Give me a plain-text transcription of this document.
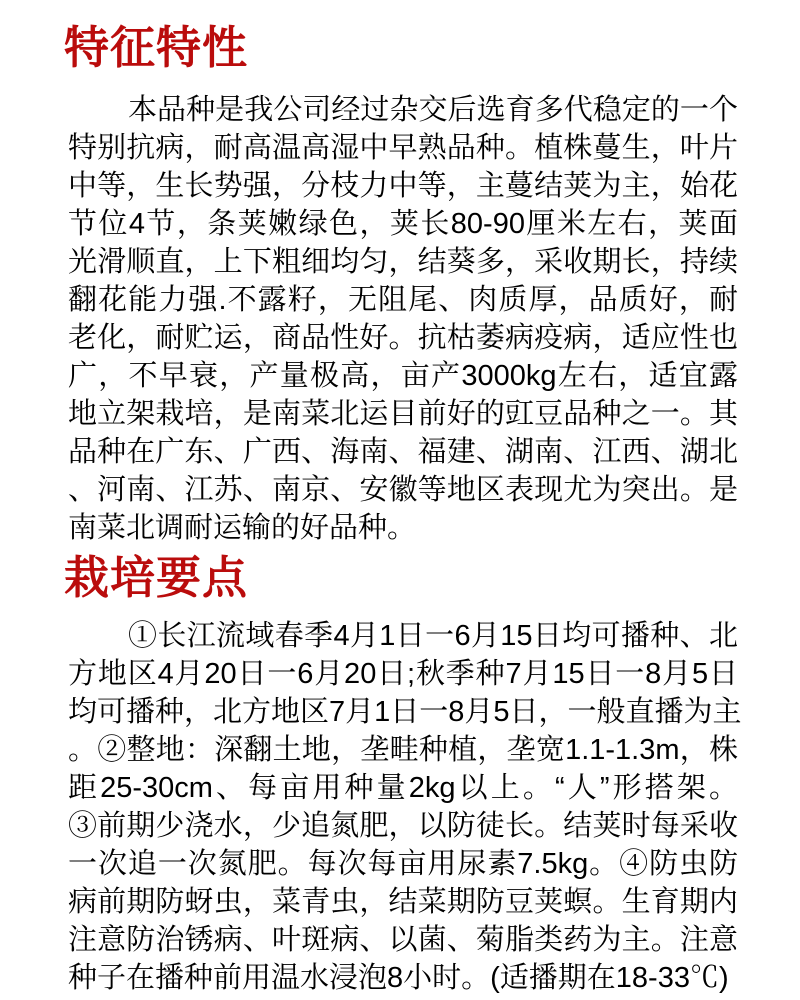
特征特性
本品种是我公司经过杂交后选育多代稳定的一个
特别抗病，耐高温高湿中早熟品种。植株蔓生，叶片
中等，生长势强，分枝力中等，主蔓结荚为主，始花
节位4节，条荚嫩绿色，荚长80-90厘米左右，荚面
光滑顺直，上下粗细均匀，结葵多，采收期长，持续
翻花能力强.不露籽，无阻尾、肉质厚，品质好，耐
老化，耐贮运，商品性好。抗枯萎病疫病，适应性也
广，不早衰，产量极高，亩产3000kg左右，适宜露
地立架栽培，是南菜北运目前好的豇豆品种之一。其
品种在广东、广西、海南、福建、湖南、江西、湖北
、河南、江苏、南京、安徽等地区表现尤为突出。是
南菜北调耐运输的好品种。
栽培要点
①长江流域春季4月1日一6月15日均可播种、北
方地区4月20日一6月20日;秋季种7月15日一8月5日
均可播种，北方地区7月1日一8月5日，一般直播为主
。②整地：深翻土地，垄畦种植，垄宽1.1-1.3m，株
距25-30cm、每亩用种量2kg以上。“人”形搭架。
③前期少浇水，少追氮肥，以防徒长。结荚时每采收
一次追一次氮肥。每次每亩用尿素7.5kg。④防虫防
病前期防蚜虫，菜青虫，结菜期防豆荚螟。生育期内
注意防治锈病、叶斑病、以菌、菊脂类药为主。注意
种子在播种前用温水浸泡8小时。(适播期在18-33℃)
